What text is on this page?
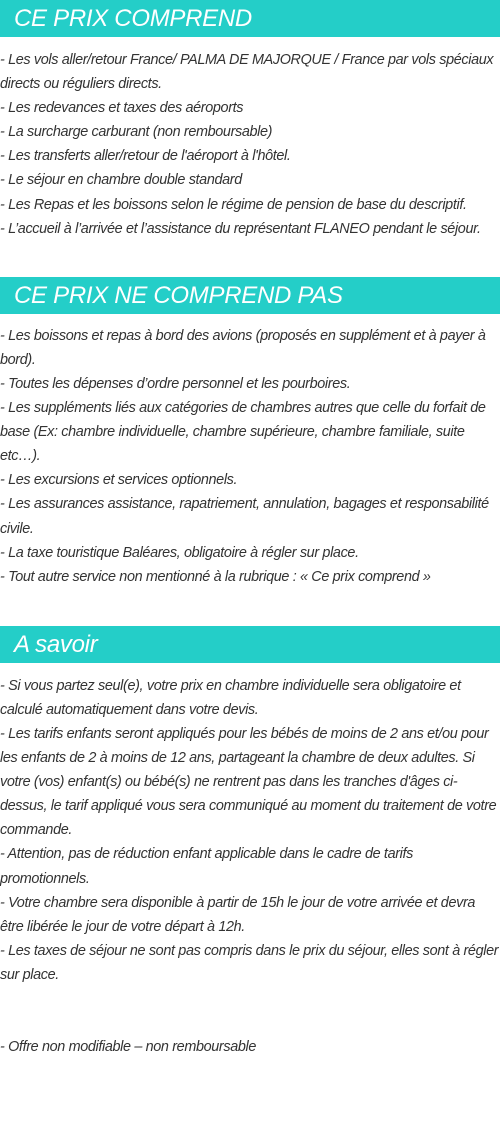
CE PRIX COMPREND
- Les vols aller/retour France/ PALMA DE MAJORQUE / France par vols spéciaux directs ou réguliers directs.
- Les redevances et taxes des aéroports
- La surcharge carburant (non remboursable)
- Les transferts aller/retour de l'aéroport à l'hôtel.
- Le séjour en chambre double standard
- Les Repas et les boissons selon le régime de pension de base du descriptif.
- L’accueil à l’arrivée et l’assistance du représentant FLANEO pendant le séjour.
CE PRIX NE COMPREND PAS
- Les boissons et repas à bord des avions (proposés en supplément et à payer à bord).
- Toutes les dépenses d’ordre personnel et les pourboires.
- Les suppléments liés aux catégories de chambres autres que celle du forfait de base (Ex: chambre individuelle, chambre supérieure, chambre familiale, suite etc…).
- Les excursions et services optionnels.
- Les assurances assistance, rapatriement, annulation, bagages et responsabilité civile.
- La taxe touristique Baléares, obligatoire à régler sur place.
- Tout autre service non mentionné à la rubrique : « Ce prix comprend »
A savoir
- Si vous partez seul(e), votre prix en chambre individuelle sera obligatoire et calculé automatiquement dans votre devis.
- Les tarifs enfants seront appliqués pour les bébés de moins de 2 ans et/ou pour les enfants de 2 à moins de 12 ans, partageant la chambre de deux adultes. Si votre (vos) enfant(s) ou bébé(s) ne rentrent pas dans les tranches d'âges ci-dessus, le tarif appliqué vous sera communiqué au moment du traitement de votre commande.
- Attention, pas de réduction enfant applicable dans le cadre de tarifs promotionnels.
- Votre chambre sera disponible à partir de 15h le jour de votre arrivée et devra être libérée le jour de votre départ à 12h.
- Les taxes de séjour ne sont pas compris dans le prix du séjour, elles sont à régler sur place.
- Offre non modifiable – non remboursable
